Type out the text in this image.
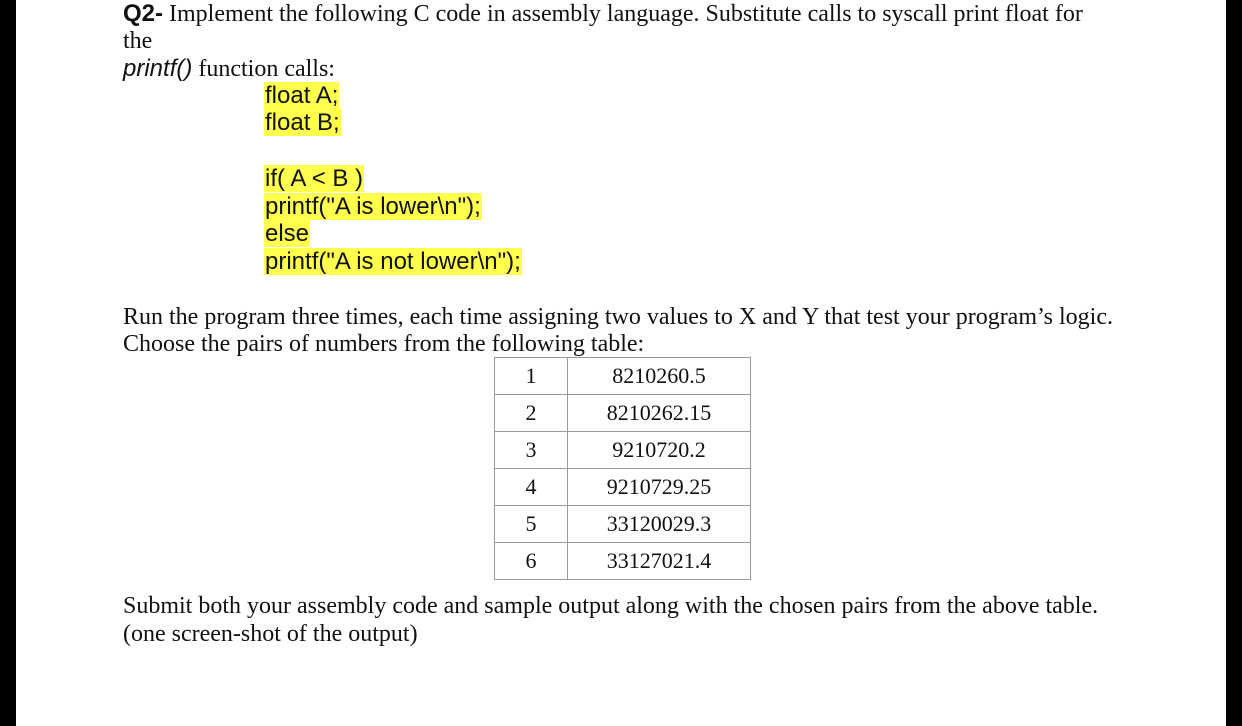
Q2- Implement the following C code in assembly language. Substitute calls to syscall print float for
the
printf() function calls:
float A;
float B;
if( A < B )
printf("A is lower\n");
else
printf("A is not lower\n");
Run the program three times, each time assigning two values to X and Y that test your program’s logic.
Choose the pairs of numbers from the following table:
1	8210260.5
2	8210262.15
3	9210720.2
4	9210729.25
5	33120029.3
6	33127021.4
Submit both your assembly code and sample output along with the chosen pairs from the above table.
(one screen-shot of the output)
